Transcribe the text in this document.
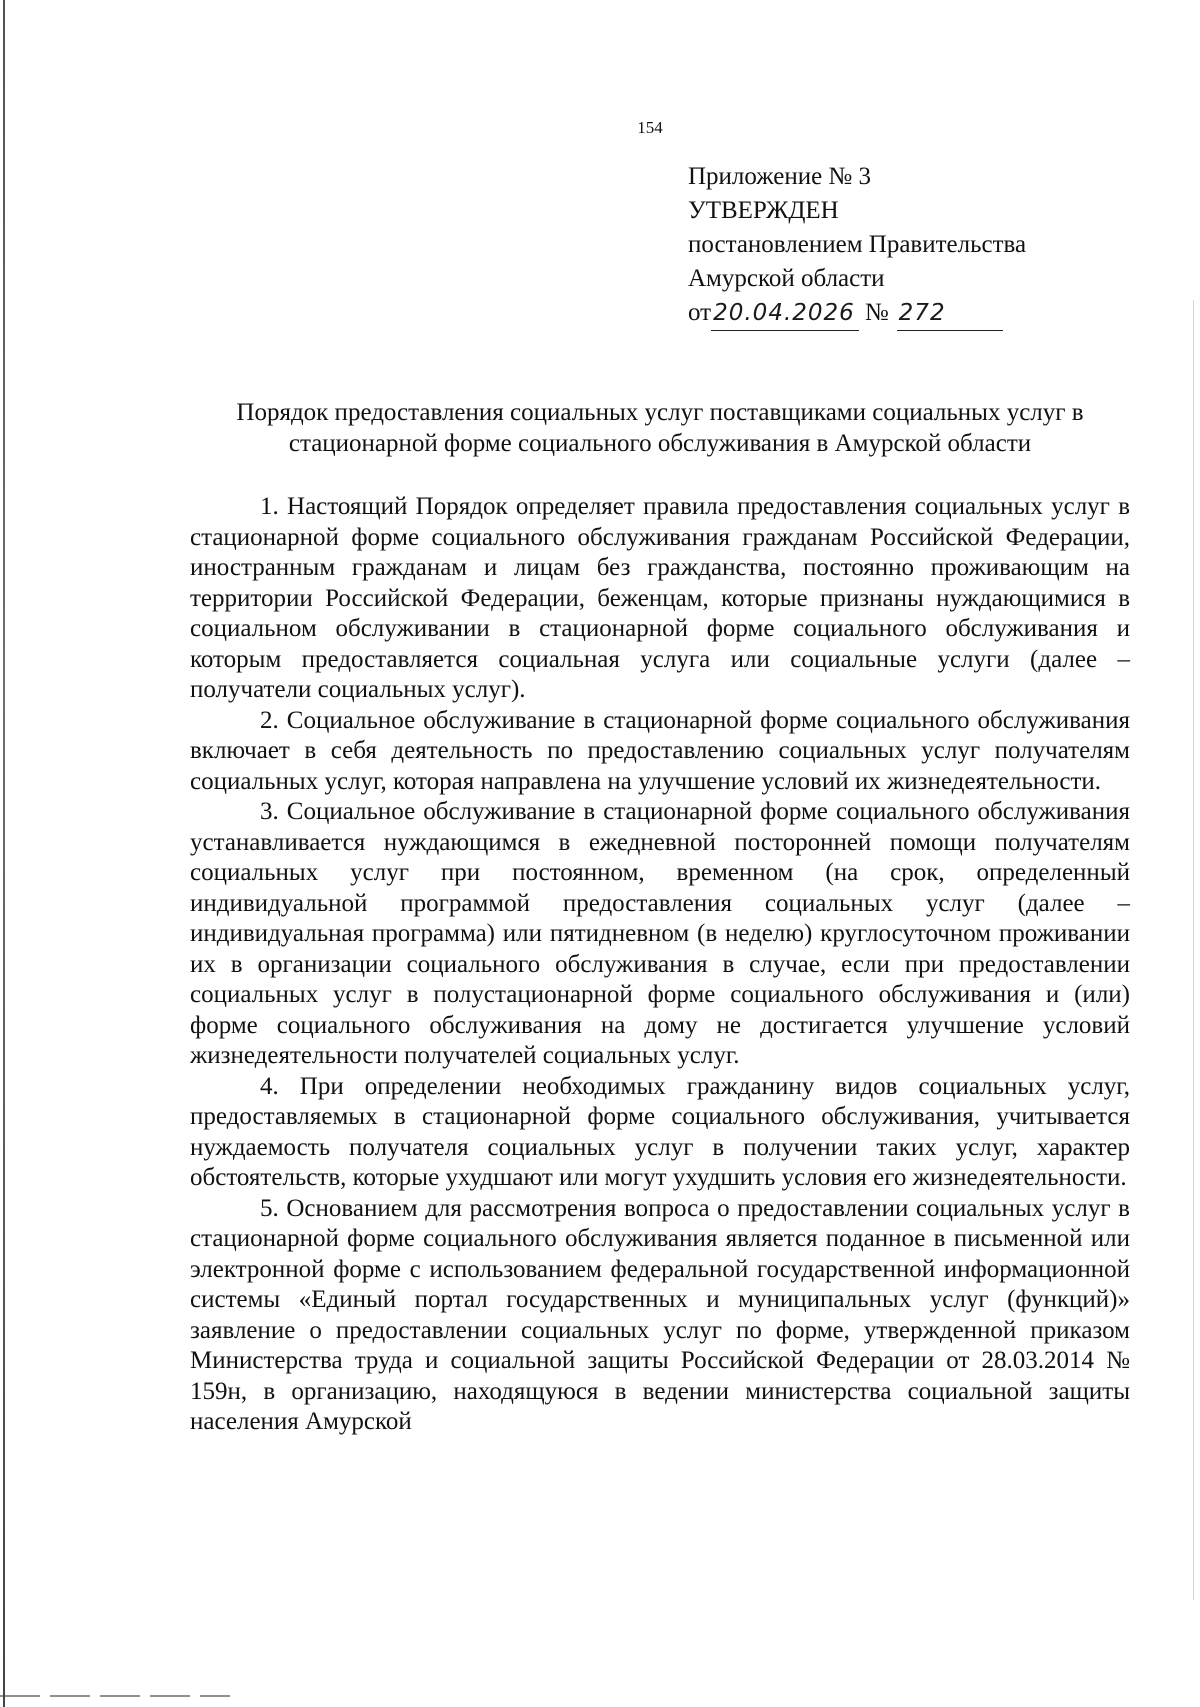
154
Приложение № 3
УТВЕРЖДЕН
постановлением Правительства
Амурской области
от 20.04.2026 № 272
Порядок предоставления социальных услуг поставщиками социальных услуг в
стационарной форме социального обслуживания в Амурской области

1. Настоящий Порядок определяет правила предоставления социальных услуг в стационарной форме социального обслуживания гражданам Российской Федерации, иностранным гражданам и лицам без гражданства, постоянно проживающим на территории Российской Федерации, беженцам, которые признаны нуждающимися в социальном обслуживании в стационарной форме социального обслуживания и которым предоставляется социальная услуга или социальные услуги (далее – получатели социальных услуг).

2. Социальное обслуживание в стационарной форме социального обслуживания включает в себя деятельность по предоставлению социальных услуг получателям социальных услуг, которая направлена на улучшение условий их жизнедеятельности.

3. Социальное обслуживание в стационарной форме социального обслуживания устанавливается нуждающимся в ежедневной посторонней помощи получателям социальных услуг при постоянном, временном (на срок, определенный индивидуальной программой предоставления социальных услуг (далее – индивидуальная программа) или пятидневном (в неделю) круглосуточном проживании их в организации социального обслуживания в случае, если при предоставлении социальных услуг в полустационарной форме социального обслуживания и (или) форме социального обслуживания на дому не достигается улучшение условий жизнедеятельности получателей социальных услуг.

4. При определении необходимых гражданину видов социальных услуг, предоставляемых в стационарной форме социального обслуживания, учитывается нуждаемость получателя социальных услуг в получении таких услуг, характер обстоятельств, которые ухудшают или могут ухудшить условия его жизнедеятельности.

5. Основанием для рассмотрения вопроса о предоставлении социальных услуг в стационарной форме социального обслуживания является поданное в письменной или электронной форме с использованием федеральной государственной информационной системы «Единый портал государственных и муниципальных услуг (функций)» заявление о предоставлении социальных услуг по форме, утвержденной приказом Министерства труда и социальной защиты Российской Федерации от 28.03.2014 № 159н, в организацию, находящуюся в ведении министерства социальной защиты населения Амурской
